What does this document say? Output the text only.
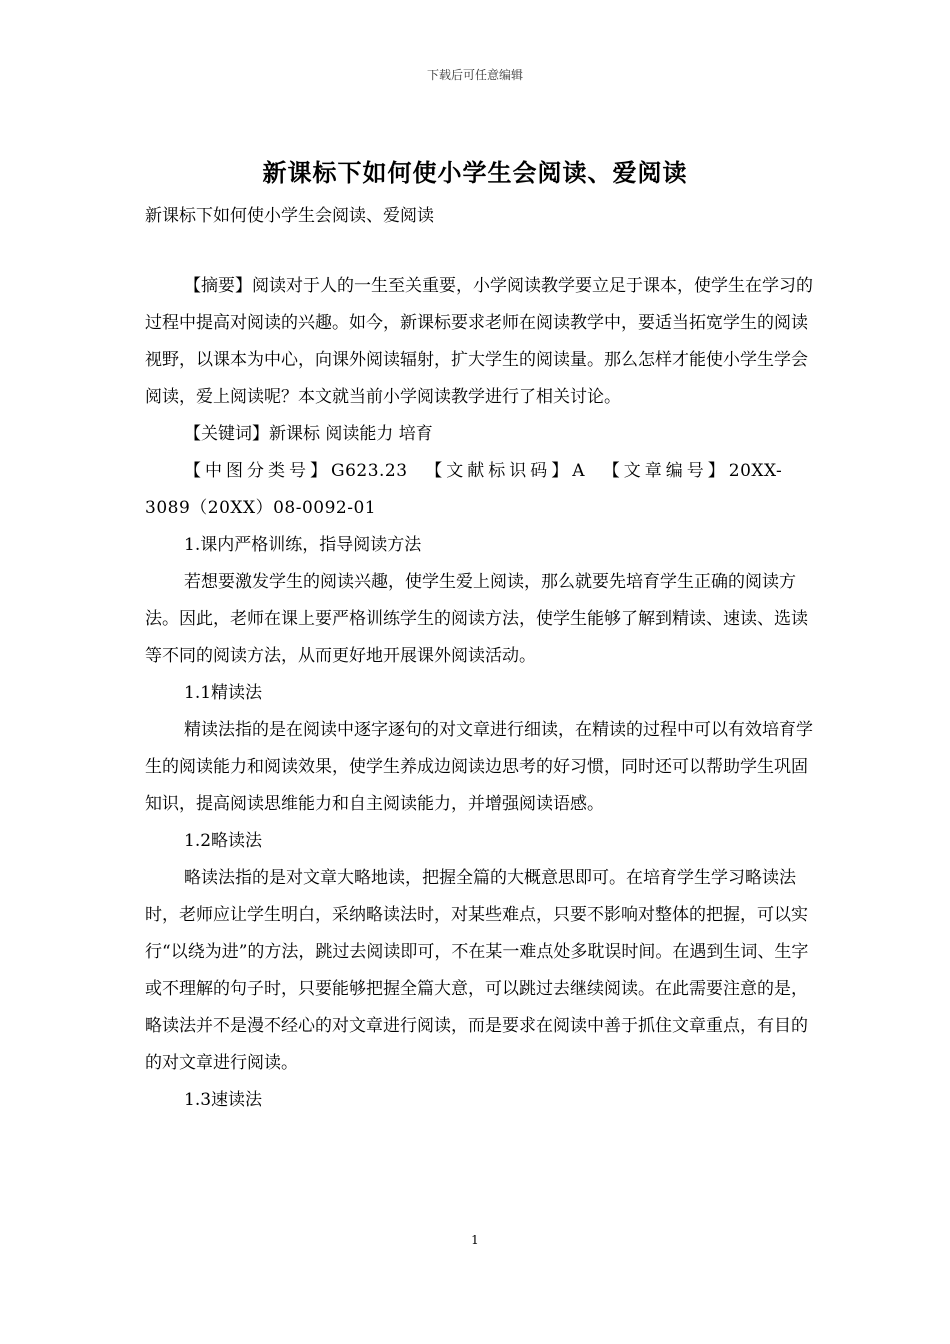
下载后可任意编辑
新课标下如何使小学生会阅读、爱阅读
新课标下如何使小学生会阅读、爱阅读

【摘要】阅读对于人的一生至关重要，小学阅读教学要立足于课本，使学生在学习的过程中提高对阅读的兴趣。如今，新课标要求老师在阅读教学中，要适当拓宽学生的阅读视野，以课本为中心，向课外阅读辐射，扩大学生的阅读量。那么怎样才能使小学生学会阅读，爱上阅读呢？本文就当前小学阅读教学进行了相关讨论。

【关键词】新课标 阅读能力 培育

【中图分类号】G623.23 【文献标识码】A 【文章编号】20XX-3089（20XX）08-0092-01

1.课内严格训练，指导阅读方法

若想要激发学生的阅读兴趣，使学生爱上阅读，那么就要先培育学生正确的阅读方法。因此，老师在课上要严格训练学生的阅读方法，使学生能够了解到精读、速读、选读等不同的阅读方法，从而更好地开展课外阅读活动。

1.1精读法

精读法指的是在阅读中逐字逐句的对文章进行细读，在精读的过程中可以有效培育学生的阅读能力和阅读效果，使学生养成边阅读边思考的好习惯，同时还可以帮助学生巩固知识，提高阅读思维能力和自主阅读能力，并增强阅读语感。

1.2略读法

略读法指的是对文章大略地读，把握全篇的大概意思即可。在培育学生学习略读法时，老师应让学生明白，采纳略读法时，对某些难点，只要不影响对整体的把握，可以实行“以绕为进”的方法，跳过去阅读即可，不在某一难点处多耽误时间。在遇到生词、生字或不理解的句子时，只要能够把握全篇大意，可以跳过去继续阅读。在此需要注意的是，略读法并不是漫不经心的对文章进行阅读，而是要求在阅读中善于抓住文章重点，有目的的对文章进行阅读。

1.3速读法

1
